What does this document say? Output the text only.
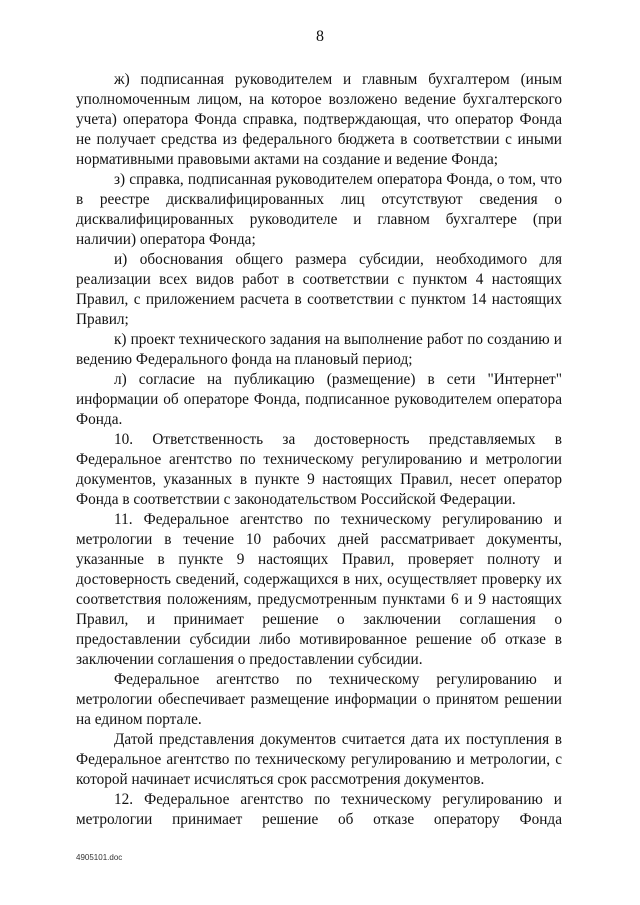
8

ж) подписанная руководителем и главным бухгалтером (иным уполномоченным лицом, на которое возложено ведение бухгалтерского учета) оператора Фонда справка, подтверждающая, что оператор Фонда не получает средства из федерального бюджета в соответствии с иными нормативными правовыми актами на создание и ведение Фонда;

з) справка, подписанная руководителем оператора Фонда, о том, что в реестре дисквалифицированных лиц отсутствуют сведения о дисквалифицированных руководителе и главном бухгалтере (при наличии) оператора Фонда;

и) обоснования общего размера субсидии, необходимого для реализации всех видов работ в соответствии с пунктом 4 настоящих Правил, с приложением расчета в соответствии с пунктом 14 настоящих Правил;

к) проект технического задания на выполнение работ по созданию и ведению Федерального фонда на плановый период;

л) согласие на публикацию (размещение) в сети "Интернет" информации об операторе Фонда, подписанное руководителем оператора Фонда.

10. Ответственность за достоверность представляемых в Федеральное агентство по техническому регулированию и метрологии документов, указанных в пункте 9 настоящих Правил, несет оператор Фонда в соответствии с законодательством Российской Федерации.

11. Федеральное агентство по техническому регулированию и метрологии в течение 10 рабочих дней рассматривает документы, указанные в пункте 9 настоящих Правил, проверяет полноту и достоверность сведений, содержащихся в них, осуществляет проверку их соответствия положениям, предусмотренным пунктами 6 и 9 настоящих Правил, и принимает решение о заключении соглашения о предоставлении субсидии либо мотивированное решение об отказе в заключении соглашения о предоставлении субсидии.

Федеральное агентство по техническому регулированию и метрологии обеспечивает размещение информации о принятом решении на едином портале.

Датой представления документов считается дата их поступления в Федеральное агентство по техническому регулированию и метрологии, с которой начинает исчисляться срок рассмотрения документов.

12. Федеральное агентство по техническому регулированию и метрологии принимает решение об отказе оператору Фонда

4905101.doc
